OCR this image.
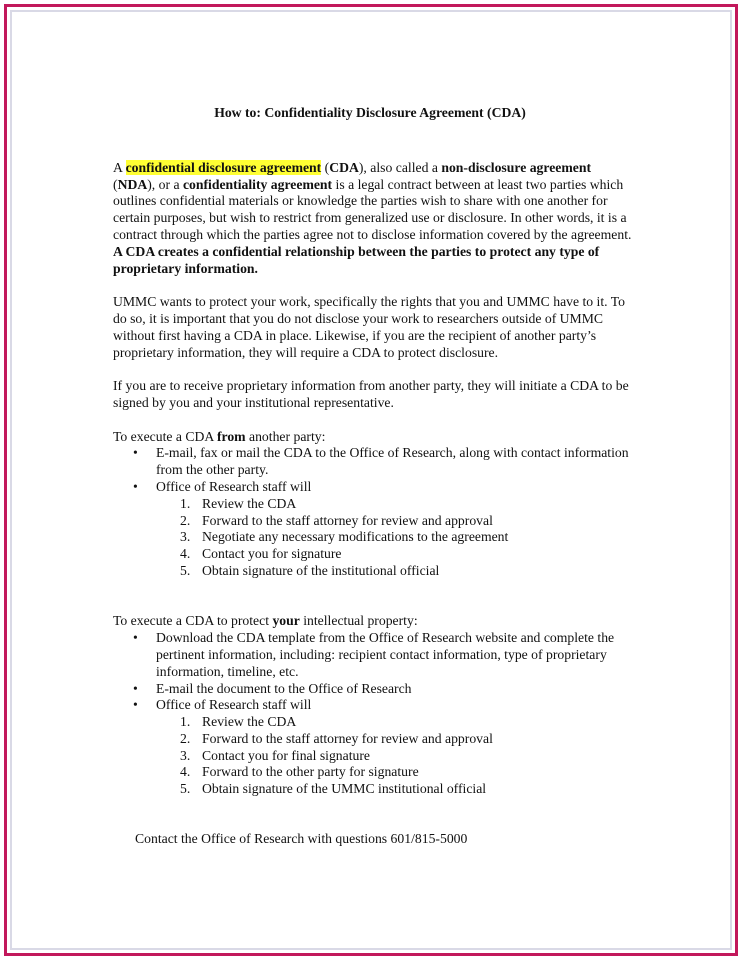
How to: Confidentiality Disclosure Agreement (CDA)

A confidential disclosure agreement (CDA), also called a non-disclosure agreement (NDA), or a confidentiality agreement is a legal contract between at least two parties which outlines confidential materials or knowledge the parties wish to share with one another for certain purposes, but wish to restrict from generalized use or disclosure. In other words, it is a contract through which the parties agree not to disclose information covered by the agreement. A CDA creates a confidential relationship between the parties to protect any type of proprietary information.

UMMC wants to protect your work, specifically the rights that you and UMMC have to it. To do so, it is important that you do not disclose your work to researchers outside of UMMC without first having a CDA in place. Likewise, if you are the recipient of another party’s proprietary information, they will require a CDA to protect disclosure.

If you are to receive proprietary information from another party, they will initiate a CDA to be signed by you and your institutional representative.

To execute a CDA from another party:

• E-mail, fax or mail the CDA to the Office of Research, along with contact information from the other party.
• Office of Research staff will
1. Review the CDA
2. Forward to the staff attorney for review and approval
3. Negotiate any necessary modifications to the agreement
4. Contact you for signature
5. Obtain signature of the institutional official

To execute a CDA to protect your intellectual property:

• Download the CDA template from the Office of Research website and complete the pertinent information, including: recipient contact information, type of proprietary information, timeline, etc.
• E-mail the document to the Office of Research
• Office of Research staff will
1. Review the CDA
2. Forward to the staff attorney for review and approval
3. Contact you for final signature
4. Forward to the other party for signature
5. Obtain signature of the UMMC institutional official

Contact the Office of Research with questions 601/815-5000
